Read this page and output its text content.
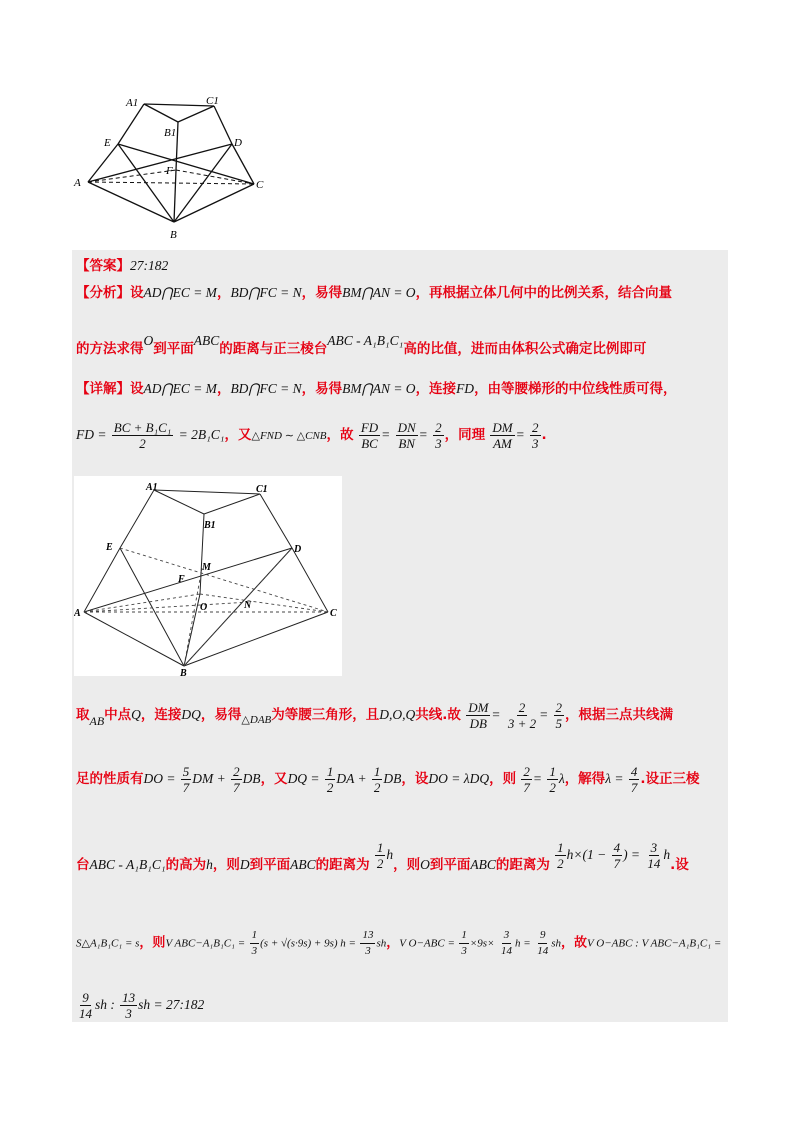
A1	C1
B1
E	D
F
A	C
B
【答案】27:182
【分析】设AD⋂EC = M，BD⋂FC = N，易得BM⋂AN = O，再根据立体几何中的比例关系，结合向量
的方法求得O到平面ABC的距离与正三棱台ABC - A₁B₁C₁高的比值，进而由体积公式确定比例即可
【详解】设AD⋂EC = M，BD⋂FC = N，易得BM⋂AN = O，连接FD，由等腰梯形的中位线性质可得，
FD = $\frac{\text{BC + B₁C₁}}{2} = 2B_1C_1$，又△FND ∼ △CNB，故 $\frac{FD}{BC} = \frac{DN}{BN} = \frac{2}{3}$ ，同理 $\frac{DM}{AM} = \frac{2}{3}$ .
A1	C1
B1
E	D
M
F
O	N
A	C
B
取AB中点Q，连接DQ，易得$_{\triangle DAB}$为等腰三角形，且D,O,Q共线.故 $\frac{DM}{DB} = \frac{2}{3 + 2} = \frac{2}{5}$ ，根据三点共线满
足的性质有DO = $\frac{5}{7}$ DM + $\frac{2}{7}$ DB，又DQ = $\frac{1}{2}$ DA + $\frac{1}{2}$ DB，设DO = λDQ，则 $\frac{2}{7} = \frac{1}{2}$ λ，解得$\lambda = \frac{4}{7}$ .设正三棱
台ABC - A₁B₁C₁的高为h，则D到平面ABC的距离为 $\frac{1}{2}$ h，则O到平面ABC的距离为 $\frac{1}{2} h\times(1 - \frac{4}{7}$ ) = $\frac{3}{14} h$.设
S△A₁B₁C₁ = s，则V $ABC-A_1B_1C_1 = \frac{1}{3} (s + √(s\cdot 9s) + 9s) h = \frac{13}{3}$ sh，V $O-ABC = \frac{1}{3} \times 9s\times \frac{3}{14}$ $h = \frac{9}{14}$ sh，故V O−ABC : V ABC−A₁B₁C₁ =
$\frac{9}{14}$ sh : $\frac{13}{3}$ sh = 27:182
